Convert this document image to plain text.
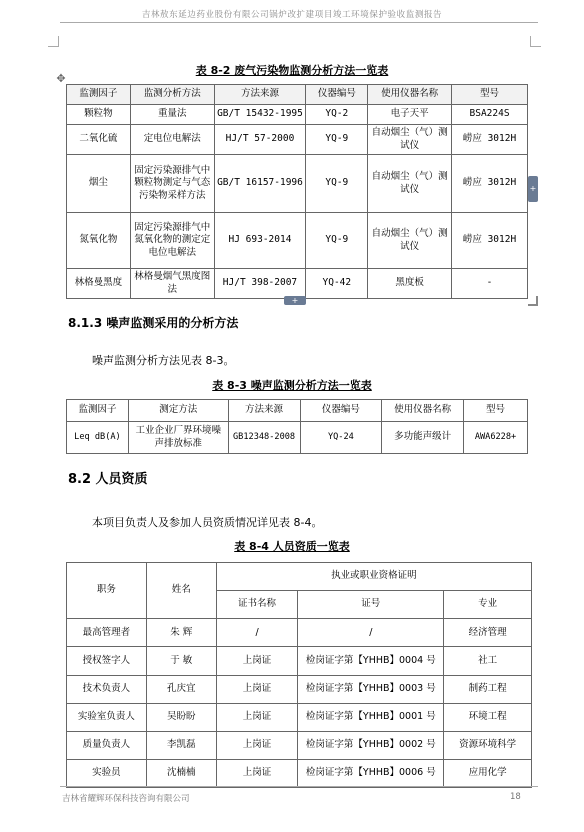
吉林敖东延边药业股份有限公司锅炉改扩建项目竣工环境保护验收监测报告
✥
表 8-2 废气污染物监测分析方法一览表
监测因子	监测分析方法	方法来源	仪器编号	使用仪器名称	型号
颗粒物	重量法	GB/T 15432-1995	YQ-2	电子天平	BSA224S
二氧化硫	定电位电解法	HJ/T 57-2000	YQ-9	自动烟尘（气）测试仪	崂应 3012H
烟尘	固定污染源排气中颗粒物测定与气态污染物采样方法	GB/T 16157-1996	YQ-9	自动烟尘（气）测试仪	崂应 3012H
氮氧化物	固定污染源排气中氮氧化物的测定定电位电解法	HJ 693-2014	YQ-9	自动烟尘（气）测试仪	崂应 3012H
林格曼黑度	林格曼烟气黑度图法	HJ/T 398-2007	YQ-42	黑度板	-
+
+
8.1.3 噪声监测采用的分析方法
噪声监测分析方法见表 8-3。
表 8-3 噪声监测分析方法一览表
监测因子	测定方法	方法来源	仪器编号	使用仪器名称	型号
Leq dB(A)	工业企业厂界环境噪声排放标准	GB12348-2008	YQ-24	多功能声级计	AWA6228+
8.2 人员资质
本项目负责人及参加人员资质情况详见表 8-4。
表 8-4 人员资质一览表
职务	姓名	执业或职业资格证明		
		证书名称	证号	专业
最高管理者	朱 辉	/	/	经济管理
授权签字人	于 敏	上岗证	检岗证字第【YHHB】0004 号	社工
技术负责人	孔庆宜	上岗证	检岗证字第【YHHB】0003 号	制药工程
实验室负责人	吴盼盼	上岗证	检岗证字第【YHHB】0001 号	环境工程
质量负责人	李凯磊	上岗证	检岗证字第【YHHB】0002 号	资源环境科学
实验员	沈楠楠	上岗证	检岗证字第【YHHB】0006 号	应用化学
吉林省耀辉环保科技咨询有限公司	18
